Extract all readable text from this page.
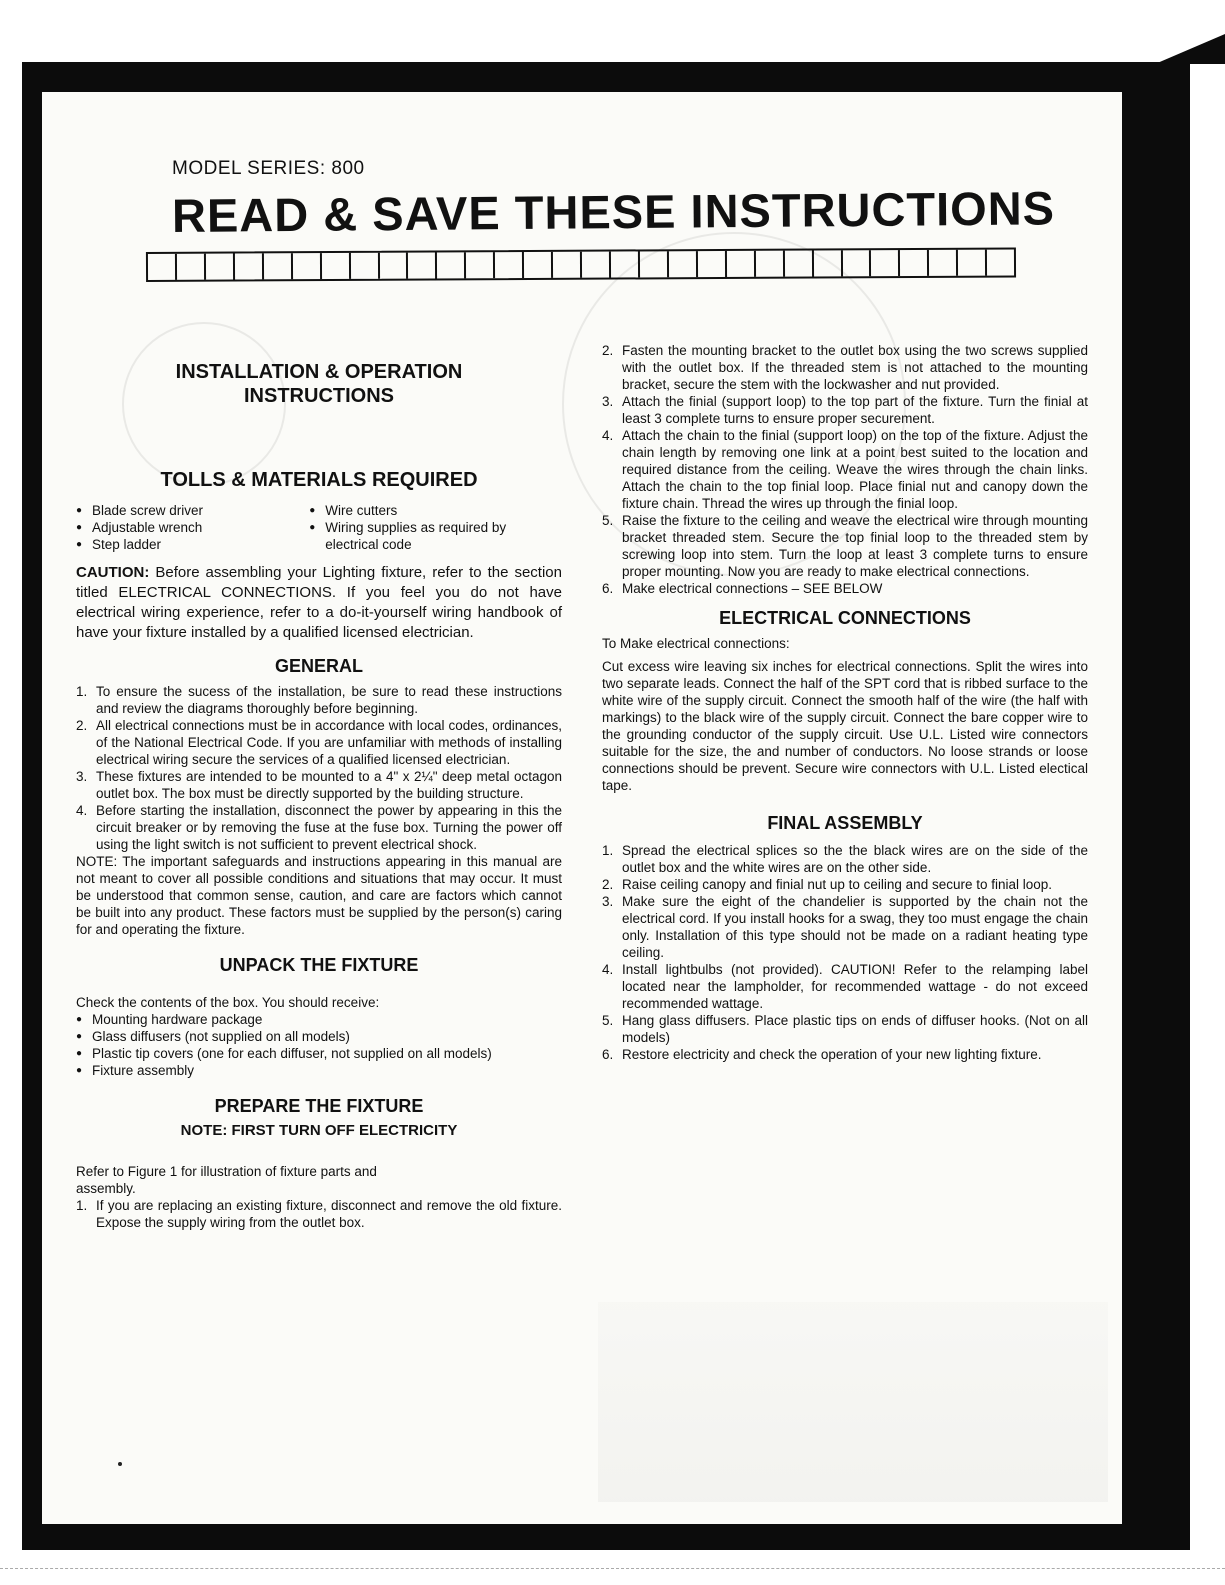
MODEL SERIES: 800
READ & SAVE THESE INSTRUCTIONS
INSTALLATION & OPERATION
INSTRUCTIONS
TOLLS & MATERIALS REQUIRED
● Blade screw driver
● Adjustable wrench
● Step ladder
● Wire cutters
● Wiring supplies as required by electrical code

CAUTION: Before assembling your Lighting fixture, refer to the section titled ELECTRICAL CONNECTIONS. If you feel you do not have electrical wiring experience, refer to a do-it-yourself wiring handbook of have your fixture installed by a qualified licensed electrician.

GENERAL
1. To ensure the sucess of the installation, be sure to read these instructions and review the diagrams thoroughly before beginning.
2. All electrical connections must be in accordance with local codes, ordinances, of the National Electrical Code. If you are unfamiliar with methods of installing electrical wiring secure the services of a qualified licensed electrician.
3. These fixtures are intended to be mounted to a 4" x 2¼" deep metal octagon outlet box. The box must be directly supported by the building structure.
4. Before starting the installation, disconnect the power by appearing in this the circuit breaker or by removing the fuse at the fuse box. Turning the power off using the light switch is not sufficient to prevent electrical shock.

NOTE: The important safeguards and instructions appearing in this manual are not meant to cover all possible conditions and situations that may occur. It must be understood that common sense, caution, and care are factors which cannot be built into any product. These factors must be supplied by the person(s) caring for and operating the fixture.

UNPACK THE FIXTURE

Check the contents of the box. You should receive:

● Mounting hardware package
● Glass diffusers (not supplied on all models)
● Plastic tip covers (one for each diffuser, not supplied on all models)
● Fixture assembly
PREPARE THE FIXTURE
NOTE: FIRST TURN OFF ELECTRICITY

Refer to Figure 1 for illustration of fixture parts and assembly.

1. If you are replacing an existing fixture, disconnect and remove the old fixture. Expose the supply wiring from the outlet box.
2. Fasten the mounting bracket to the outlet box using the two screws supplied with the outlet box. If the threaded stem is not attached to the mounting bracket, secure the stem with the lockwasher and nut provided.
3. Attach the finial (support loop) to the top part of the fixture. Turn the finial at least 3 complete turns to ensure proper securement.
4. Attach the chain to the finial (support loop) on the top of the fixture. Adjust the chain length by removing one link at a point best suited to the location and required distance from the ceiling. Weave the wires through the chain links. Attach the chain to the top finial loop. Place finial nut and canopy down the fixture chain. Thread the wires up through the finial loop.
5. Raise the fixture to the ceiling and weave the electrical wire through mounting bracket threaded stem. Secure the top finial loop to the threaded stem by screwing loop into stem. Turn the loop at least 3 complete turns to ensure proper mounting. Now you are ready to make electrical connections.
6. Make electrical connections – SEE BELOW
ELECTRICAL CONNECTIONS

To Make electrical connections:

Cut excess wire leaving six inches for electrical connections. Split the wires into two separate leads. Connect the half of the SPT cord that is ribbed surface to the white wire of the supply circuit. Connect the smooth half of the wire (the half with markings) to the black wire of the supply circuit. Connect the bare copper wire to the grounding conductor of the supply circuit. Use U.L. Listed wire connectors suitable for the size, the and number of conductors. No loose strands or loose connections should be prevent. Secure wire connectors with U.L. Listed electical tape.

FINAL ASSEMBLY
1. Spread the electrical splices so the the black wires are on the side of the outlet box and the white wires are on the other side.
2. Raise ceiling canopy and finial nut up to ceiling and secure to finial loop.
3. Make sure the eight of the chandelier is supported by the chain not the electrical cord. If you install hooks for a swag, they too must engage the chain only. Installation of this type should not be made on a radiant heating type ceiling.
4. Install lightbulbs (not provided). CAUTION! Refer to the relamping label located near the lampholder, for recommended wattage - do not exceed recommended wattage.
5. Hang glass diffusers. Place plastic tips on ends of diffuser hooks. (Not on all models)
6. Restore electricity and check the operation of your new lighting fixture.
